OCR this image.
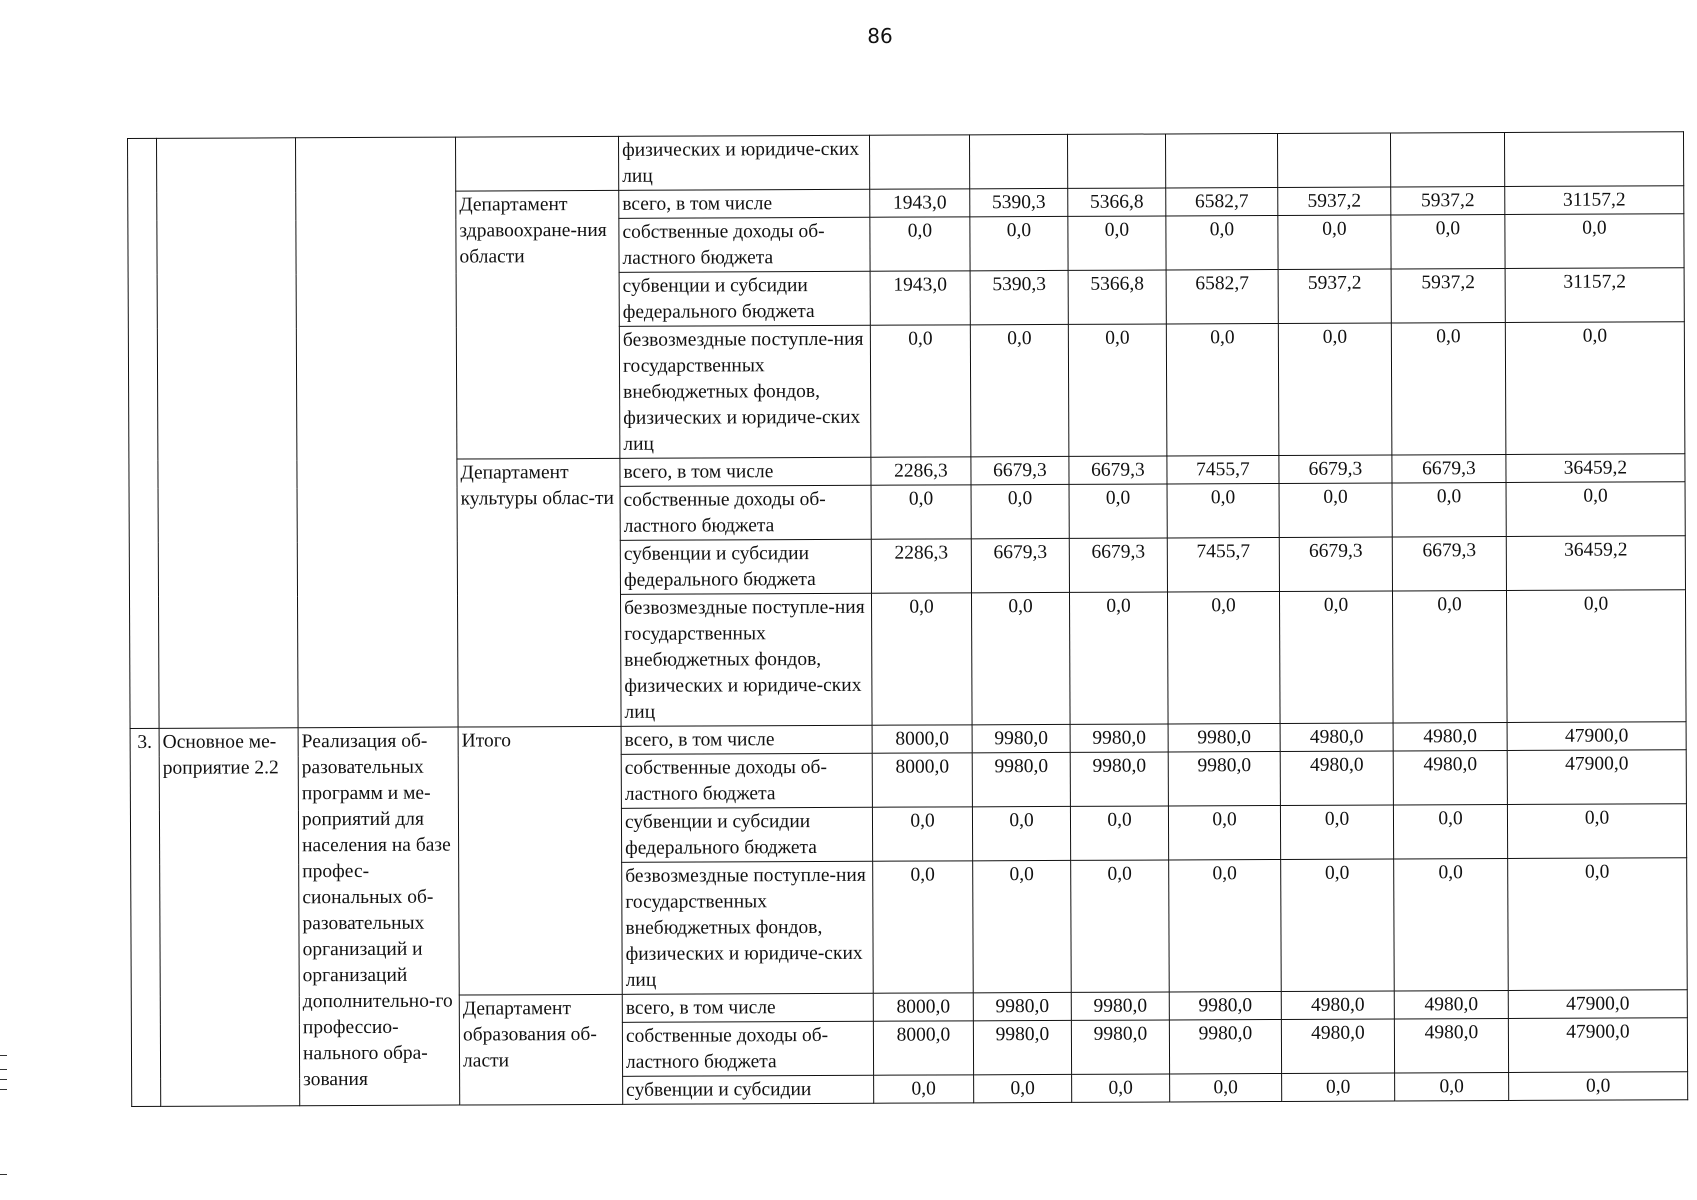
86
				физических и юридиче-ских лиц							
			Департамент здравоохране-ния области	всего, в том числе	1943,0	5390,3	5366,8	6582,7	5937,2	5937,2	31157,2
				собственные доходы об-ластного бюджета	0,0	0,0	0,0	0,0	0,0	0,0	0,0
				субвенции и субсидии федерального бюджета	1943,0	5390,3	5366,8	6582,7	5937,2	5937,2	31157,2
				безвозмездные поступле-ния государственных внебюджетных фондов, физических и юридиче-ских лиц	0,0	0,0	0,0	0,0	0,0	0,0	0,0
			Департамент культуры облас-ти	всего, в том числе	2286,3	6679,3	6679,3	7455,7	6679,3	6679,3	36459,2
				собственные доходы об-ластного бюджета	0,0	0,0	0,0	0,0	0,0	0,0	0,0
				субвенции и субсидии федерального бюджета	2286,3	6679,3	6679,3	7455,7	6679,3	6679,3	36459,2
				безвозмездные поступле-ния государственных внебюджетных фондов, физических и юридиче-ских лиц	0,0	0,0	0,0	0,0	0,0	0,0	0,0
3.	Основное ме-роприятие 2.2	Реализация об-разовательных программ и ме-роприятий для населения на базе профес-сиональных об-разовательных организаций и организаций дополнительно-го профессио-нального обра-зования	Итого	всего, в том числе	8000,0	9980,0	9980,0	9980,0	4980,0	4980,0	47900,0
				собственные доходы об-ластного бюджета	8000,0	9980,0	9980,0	9980,0	4980,0	4980,0	47900,0
				субвенции и субсидии федерального бюджета	0,0	0,0	0,0	0,0	0,0	0,0	0,0
				безвозмездные поступле-ния государственных внебюджетных фондов, физических и юридиче-ских лиц	0,0	0,0	0,0	0,0	0,0	0,0	0,0
			Департамент образования об-ласти	всего, в том числе	8000,0	9980,0	9980,0	9980,0	4980,0	4980,0	47900,0
				собственные доходы об-ластного бюджета	8000,0	9980,0	9980,0	9980,0	4980,0	4980,0	47900,0
				субвенции и субсидии	0,0	0,0	0,0	0,0	0,0	0,0	0,0
